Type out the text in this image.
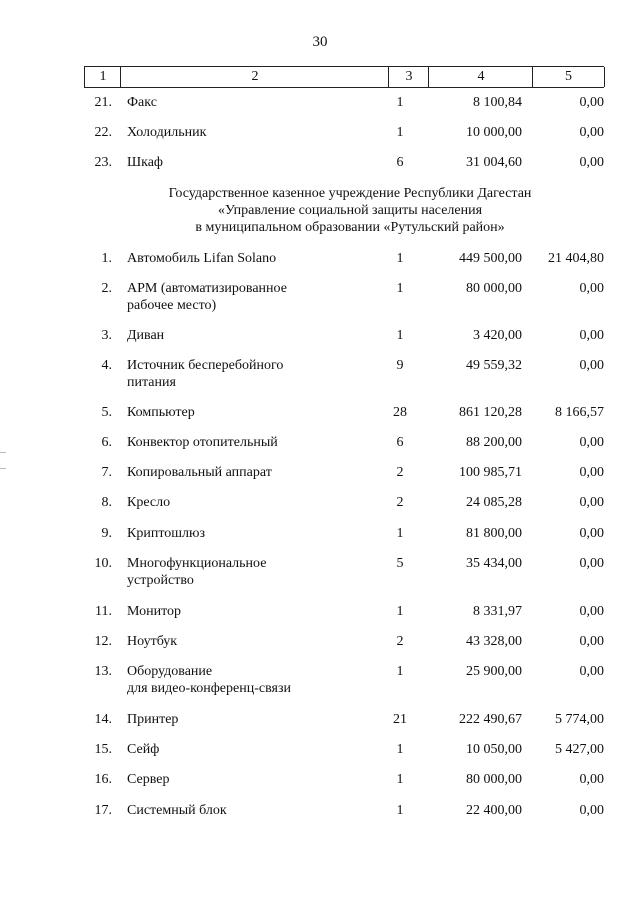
30
1	2	3	4	5
21. Факс	1	8 100,84	0,00
22. Холодильник	1	10 000,00	0,00
23. Шкаф	6	31 004,60	0,00
Государственное казенное учреждение Республики Дагестан
«Управление социальной защиты населения
в муниципальном образовании «Рутульский район»
1. Автомобиль Lifan Solano	1	449 500,00	21 404,80
2. АРМ (автоматизированное
рабочее место)
1	80 000,00	0,00
3. Диван	1	3 420,00	0,00
4. Источник бесперебойного
питания
9	49 559,32	0,00
5. Компьютер	28	861 120,28	8 166,57
6. Конвектор отопительный	6	88 200,00	0,00
7. Копировальный аппарат	2	100 985,71	0,00
8. Кресло	2	24 085,28	0,00
9. Криптошлюз	1	81 800,00	0,00
10. Многофункциональное
устройство
5	35 434,00	0,00
11. Монитор	1	8 331,97	0,00
12. Ноутбук	2	43 328,00	0,00
13. Оборудование
для видео-конференц-связи
1	25 900,00	0,00
14. Принтер	21	222 490,67	5 774,00
15. Сейф	1	10 050,00	5 427,00
16. Сервер	1	80 000,00	0,00
17. Системный блок	1	22 400,00	0,00
